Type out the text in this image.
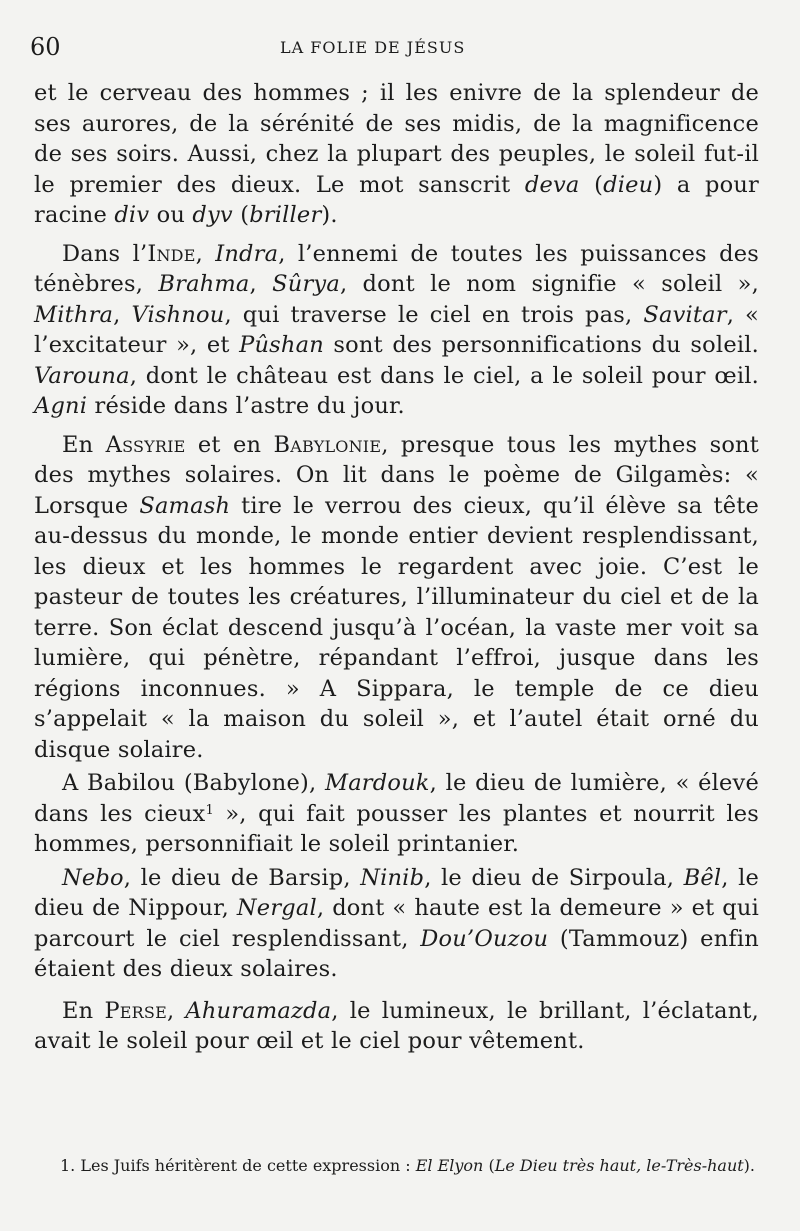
60	LA FOLIE DE JÉSUS

et le cerveau des hommes ; il les enivre de la splendeur de ses aurores, de la sérénité de ses midis, de la magnificence de ses soirs. Aussi, chez la plupart des peuples, le soleil fut-il le premier des dieux. Le mot sanscrit deva (dieu) a pour racine div ou dyv (briller).

Dans l’Inde, Indra, l’ennemi de toutes les puissances des ténèbres, Brahma, Sûrya, dont le nom signifie « soleil », Mithra, Vishnou, qui traverse le ciel en trois pas, Savitar, « l’excitateur », et Pûshan sont des personnifications du soleil. Varouna, dont le château est dans le ciel, a le soleil pour œil. Agni réside dans l’astre du jour.

En Assyrie et en Babylonie, presque tous les mythes sont des mythes solaires. On lit dans le poème de Gilgamès: « Lorsque Samash tire le verrou des cieux, qu’il élève sa tête au-dessus du monde, le monde entier devient resplendissant, les dieux et les hommes le regardent avec joie. C’est le pasteur de toutes les créatures, l’illuminateur du ciel et de la terre. Son éclat descend jusqu’à l’océan, la vaste mer voit sa lumière, qui pénètre, répandant l’effroi, jusque dans les régions inconnues. » A Sippara, le temple de ce dieu s’appelait « la maison du soleil », et l’autel était orné du disque solaire.

A Babilou (Babylone), Mardouk, le dieu de lumière, « élevé dans les cieux$^1$ », qui fait pousser les plantes et nourrit les hommes, personnifiait le soleil printanier.

Nebo, le dieu de Barsip, Ninib, le dieu de Sirpoula, Bêl, le dieu de Nippour, Nergal, dont « haute est la demeure » et qui parcourt le ciel resplendissant, Dou’Ouzou (Tammouz) enfin étaient des dieux solaires.

En Perse, Ahuramazda, le lumineux, le brillant, l’éclatant, avait le soleil pour œil et le ciel pour vêtement.

1. Les Juifs héritèrent de cette expression : El Elyon (Le Dieu très haut, le-Très-haut).
